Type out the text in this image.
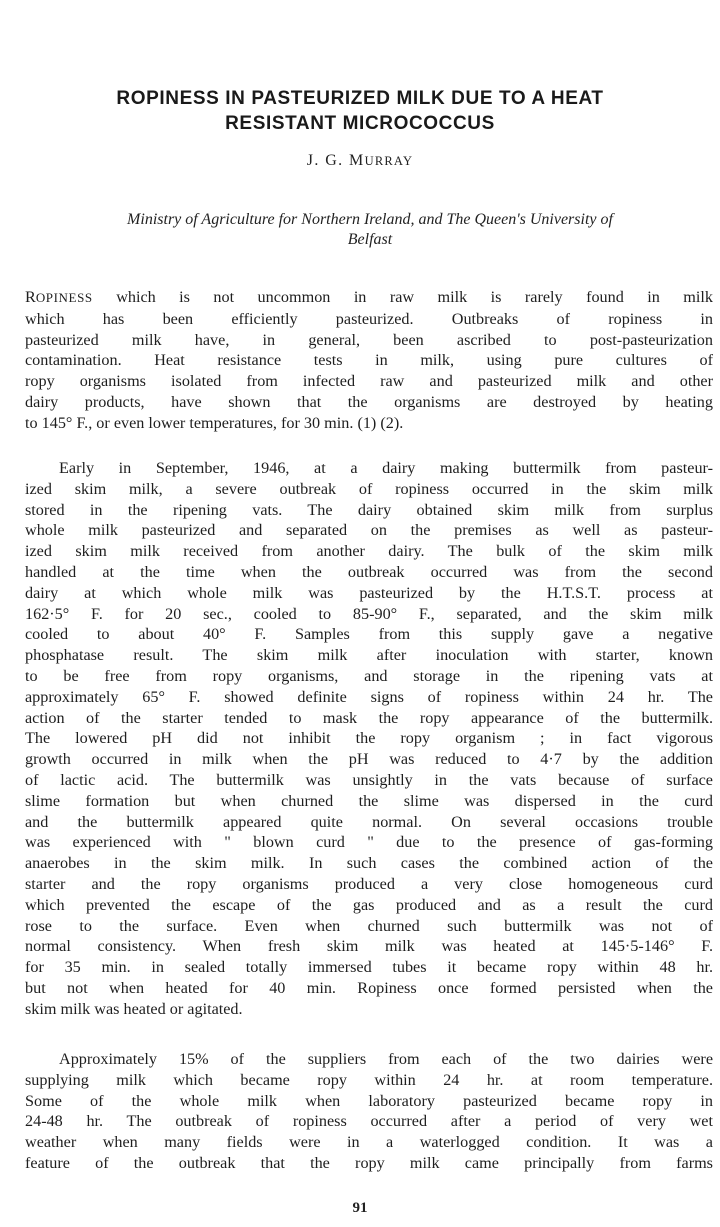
ROPINESS IN PASTEURIZED MILK DUE TO A HEAT
RESISTANT MICROCOCCUS
J. G. MURRAY
Ministry of Agriculture for Northern Ireland, and The Queen's University of
Belfast
ROPINESS which is not uncommon in raw milk is rarely found in milk
which has been efficiently pasteurized. Outbreaks of ropiness in
pasteurized milk have, in general, been ascribed to post-pasteurization
contamination. Heat resistance tests in milk, using pure cultures of
ropy organisms isolated from infected raw and pasteurized milk and other
dairy products, have shown that the organisms are destroyed by heating
to 145° F., or even lower temperatures, for 30 min. (1) (2).
Early in September, 1946, at a dairy making buttermilk from pasteur-
ized skim milk, a severe outbreak of ropiness occurred in the skim milk
stored in the ripening vats. The dairy obtained skim milk from surplus
whole milk pasteurized and separated on the premises as well as pasteur-
ized skim milk received from another dairy. The bulk of the skim milk
handled at the time when the outbreak occurred was from the second
dairy at which whole milk was pasteurized by the H.T.S.T. process at
162·5° F. for 20 sec., cooled to 85-90° F., separated, and the skim milk
cooled to about 40° F. Samples from this supply gave a negative
phosphatase result. The skim milk after inoculation with starter, known
to be free from ropy organisms, and storage in the ripening vats at
approximately 65° F. showed definite signs of ropiness within 24 hr. The
action of the starter tended to mask the ropy appearance of the buttermilk.
The lowered pH did not inhibit the ropy organism ; in fact vigorous
growth occurred in milk when the pH was reduced to 4·7 by the addition
of lactic acid. The buttermilk was unsightly in the vats because of surface
slime formation but when churned the slime was dispersed in the curd
and the buttermilk appeared quite normal. On several occasions trouble
was experienced with " blown curd " due to the presence of gas-forming
anaerobes in the skim milk. In such cases the combined action of the
starter and the ropy organisms produced a very close homogeneous curd
which prevented the escape of the gas produced and as a result the curd
rose to the surface. Even when churned such buttermilk was not of
normal consistency. When fresh skim milk was heated at 145·5-146° F.
for 35 min. in sealed totally immersed tubes it became ropy within 48 hr.
but not when heated for 40 min. Ropiness once formed persisted when the
skim milk was heated or agitated.
Approximately 15% of the suppliers from each of the two dairies were
supplying milk which became ropy within 24 hr. at room temperature.
Some of the whole milk when laboratory pasteurized became ropy in
24-48 hr. The outbreak of ropiness occurred after a period of very wet
weather when many fields were in a waterlogged condition. It was a
feature of the outbreak that the ropy milk came principally from farms
91
